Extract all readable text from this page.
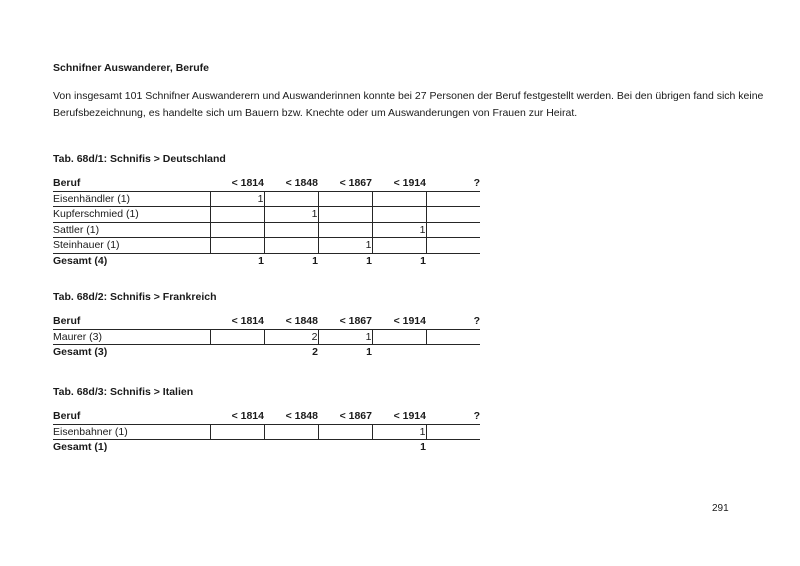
Schnifner Auswanderer, Berufe
Von insgesamt 101 Schnifner Auswanderern und Auswanderinnen konnte bei 27 Personen der Beruf festgestellt werden. Bei den übrigen fand sich keine Berufsbezeichnung, es handelte sich um Bauern bzw. Knechte oder um Auswanderungen von Frauen zur Heirat.
Tab. 68d/1: Schnifis > Deutschland
Beruf	< 1814	< 1848	< 1867	< 1914	?
Eisenhändler (1)	1				
Kupferschmied (1)		1			
Sattler (1)				1	
Steinhauer (1)			1		
Gesamt (4)	1	1	1	1	
Tab. 68d/2: Schnifis > Frankreich
Beruf	< 1814	< 1848	< 1867	< 1914	?
Maurer (3)		2	1		
Gesamt (3)		2	1		
Tab. 68d/3: Schnifis > Italien
Beruf	< 1814	< 1848	< 1867	< 1914	?
Eisenbahner (1)				1	
Gesamt (1)				1	
291
